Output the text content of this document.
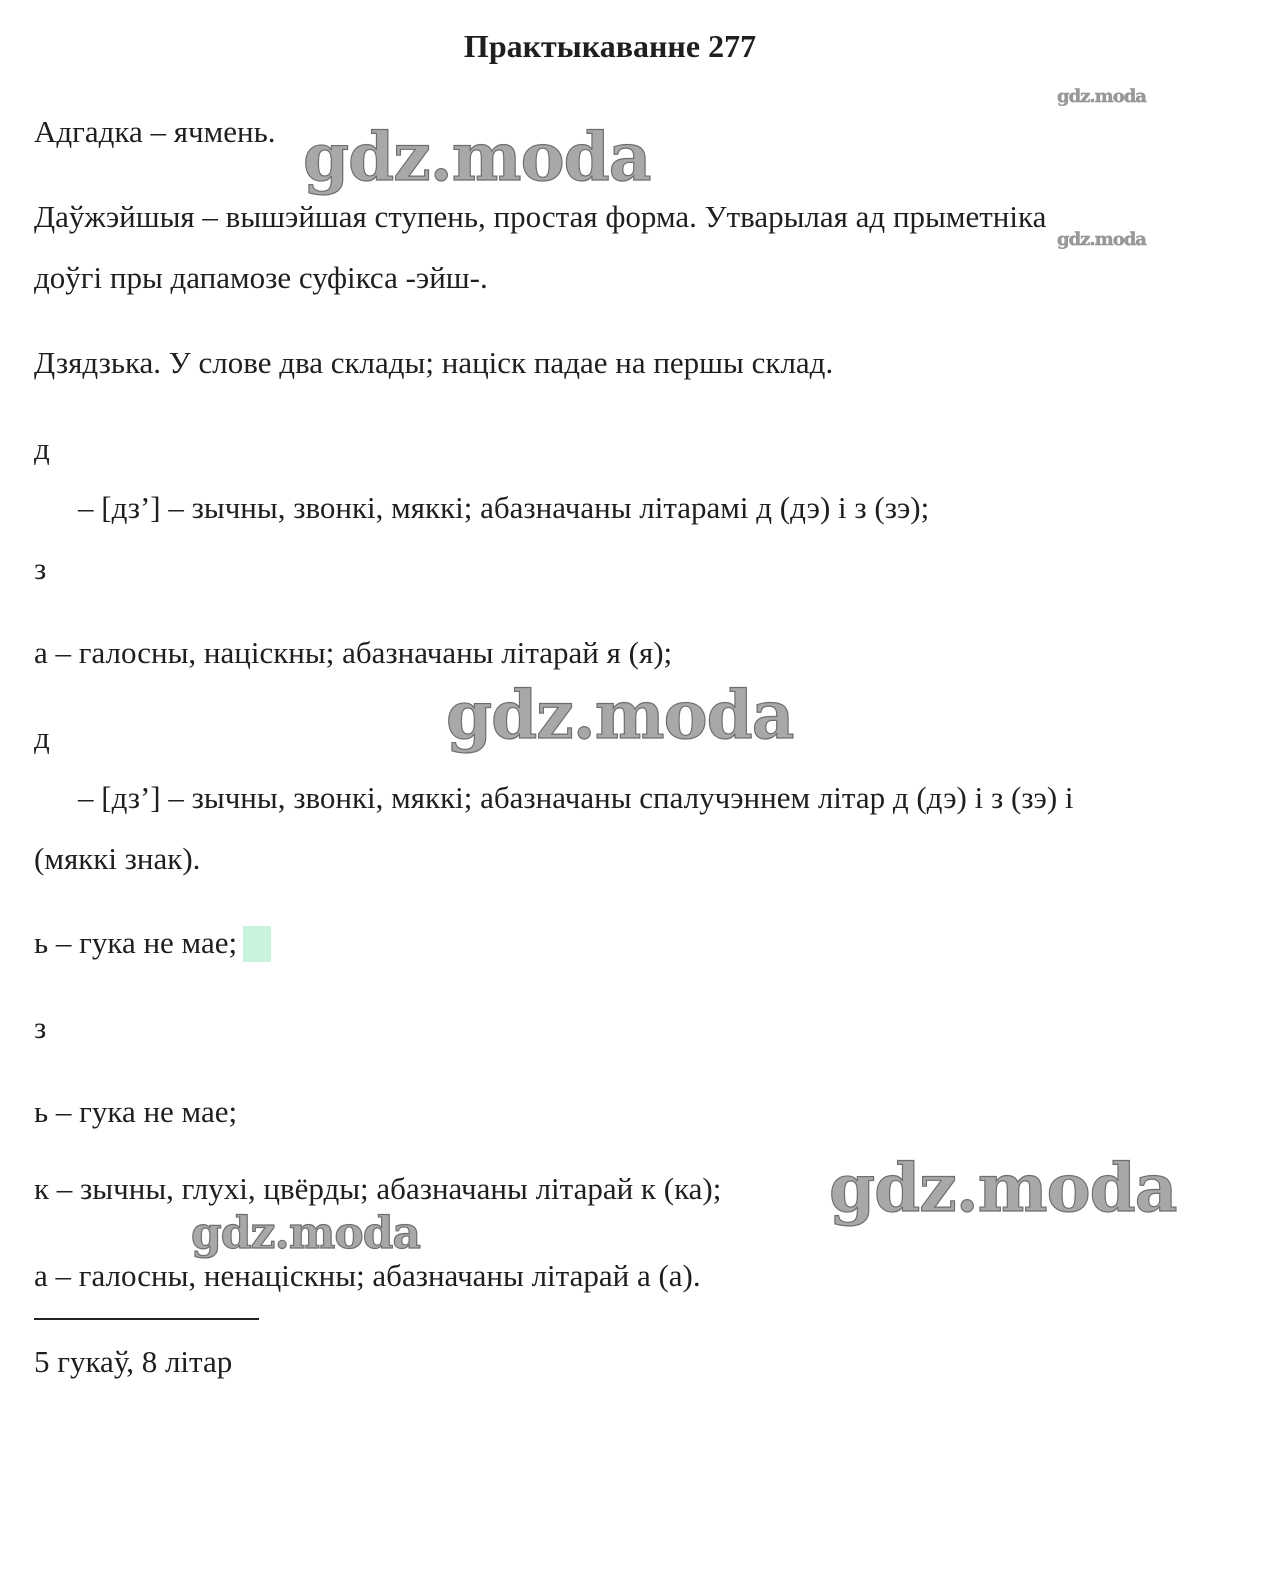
Практыкаванне 277
Адгадка – ячмень.
Даўжэйшыя – вышэйшая ступень, простая форма. Утварылая ад прыметніка
доўгі пры дапамозе суфікса -эйш-.
Дзядзька. У слове два склады; націск падае на першы склад.
д
– [дз’] – зычны, звонкі, мяккі; абазначаны літарамі д (дэ) і з (зэ);
з
а – галосны, націскны; абазначаны літарай я (я);
д
– [дз’] – зычны, звонкі, мяккі; абазначаны спалучэннем літар д (дэ) і з (зэ) і
(мяккі знак).
ь – гука не мае;
з
ь – гука не мае;
к – зычны, глухі, цвёрды; абазначаны літарай к (ка);
а – галосны, ненаціскны; абазначаны літарай а (а).
5 гукаў, 8 літар
gdz.moda
gdz.moda
gdz.moda
gdz.moda
gdz.moda
gdz.moda
